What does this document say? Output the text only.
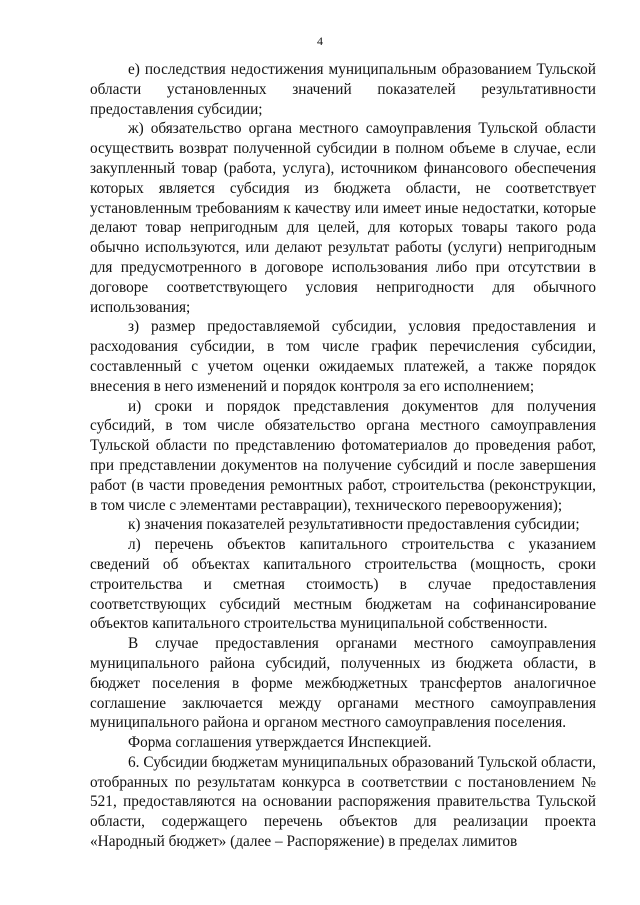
4

е) последствия недостижения муниципальным образованием Тульской области установленных значений показателей результативности предоставления субсидии;

ж) обязательство органа местного самоуправления Тульской области осуществить возврат полученной субсидии в полном объеме в случае, если закупленный товар (работа, услуга), источником финансового обеспечения которых является субсидия из бюджета области, не соответствует установленным требованиям к качеству или имеет иные недостатки, которые делают товар непригодным для целей, для которых товары такого рода обычно используются, или делают результат работы (услуги) непригодным для предусмотренного в договоре использования либо при отсутствии в договоре соответствующего условия непригодности для обычного использования;

з) размер предоставляемой субсидии, условия предоставления и расходования субсидии, в том числе график перечисления субсидии, составленный с учетом оценки ожидаемых платежей, а также порядок внесения в него изменений и порядок контроля за его исполнением;

и) сроки и порядок представления документов для получения субсидий, в том числе обязательство органа местного самоуправления Тульской области по представлению фотоматериалов до проведения работ, при представлении документов на получение субсидий и после завершения работ (в части проведения ремонтных работ, строительства (реконструкции, в том числе с элементами реставрации), технического перевооружения);

к) значения показателей результативности предоставления субсидии;

л) перечень объектов капитального строительства с указанием сведений об объектах капитального строительства (мощность, сроки строительства и сметная стоимость) в случае предоставления соответствующих субсидий местным бюджетам на софинансирование объектов капитального строительства муниципальной собственности.

В случае предоставления органами местного самоуправления муниципального района субсидий, полученных из бюджета области, в бюджет поселения в форме межбюджетных трансфертов аналогичное соглашение заключается между органами местного самоуправления муниципального района и органом местного самоуправления поселения.

Форма соглашения утверждается Инспекцией.

6. Субсидии бюджетам муниципальных образований Тульской области, отобранных по результатам конкурса в соответствии с постановлением № 521, предоставляются на основании распоряжения правительства Тульской области, содержащего перечень объектов для реализации проекта «Народный бюджет» (далее – Распоряжение) в пределах лимитов
